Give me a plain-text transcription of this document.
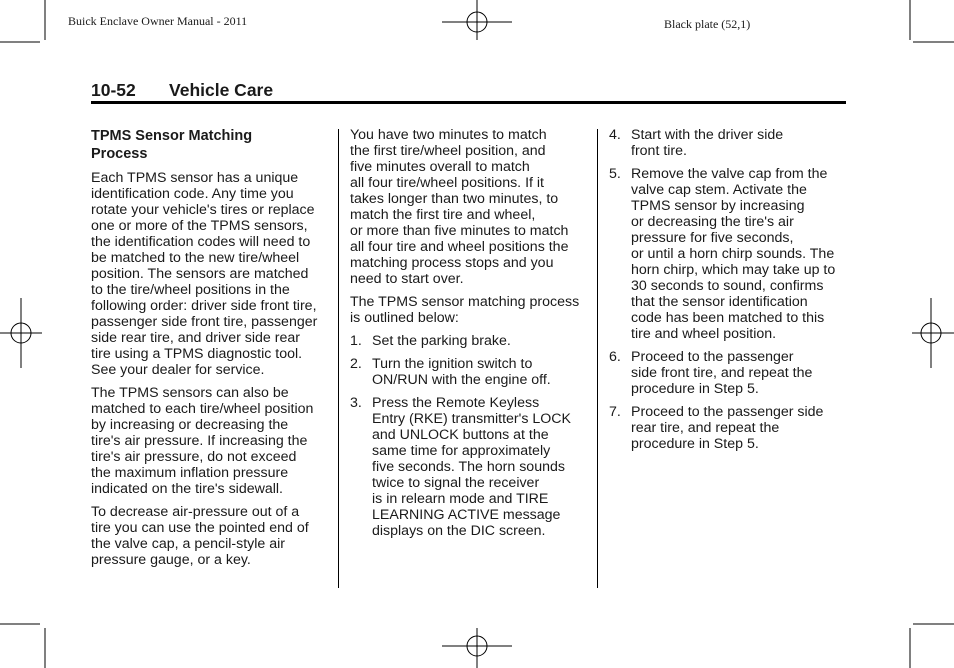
Buick Enclave Owner Manual - 2011	Black plate (52,1)
10-52 Vehicle Care
TPMS Sensor Matching
Process

Each TPMS sensor has a unique
identification code. Any time you
rotate your vehicle's tires or replace
one or more of the TPMS sensors,
the identification codes will need to
be matched to the new tire/wheel
position. The sensors are matched
to the tire/wheel positions in the
following order: driver side front tire,
passenger side front tire, passenger
side rear tire, and driver side rear
tire using a TPMS diagnostic tool.
See your dealer for service.

The TPMS sensors can also be
matched to each tire/wheel position
by increasing or decreasing the
tire's air pressure. If increasing the
tire's air pressure, do not exceed
the maximum inflation pressure
indicated on the tire's sidewall.

To decrease air-pressure out of a
tire you can use the pointed end of
the valve cap, a pencil-style air
pressure gauge, or a key.

You have two minutes to match
the first tire/wheel position, and
five minutes overall to match
all four tire/wheel positions. If it
takes longer than two minutes, to
match the first tire and wheel,
or more than five minutes to match
all four tire and wheel positions the
matching process stops and you
need to start over.

The TPMS sensor matching process
is outlined below:

1. Set the parking brake.
2. Turn the ignition switch to
ON/RUN with the engine off.
3. Press the Remote Keyless
Entry (RKE) transmitter's LOCK
and UNLOCK buttons at the
same time for approximately
five seconds. The horn sounds
twice to signal the receiver
is in relearn mode and TIRE
LEARNING ACTIVE message
displays on the DIC screen.
4. Start with the driver side
front tire.
5. Remove the valve cap from the
valve cap stem. Activate the
TPMS sensor by increasing
or decreasing the tire's air
pressure for five seconds,
or until a horn chirp sounds. The
horn chirp, which may take up to
30 seconds to sound, confirms
that the sensor identification
code has been matched to this
tire and wheel position.
6. Proceed to the passenger
side front tire, and repeat the
procedure in Step 5.
7. Proceed to the passenger side
rear tire, and repeat the
procedure in Step 5.
